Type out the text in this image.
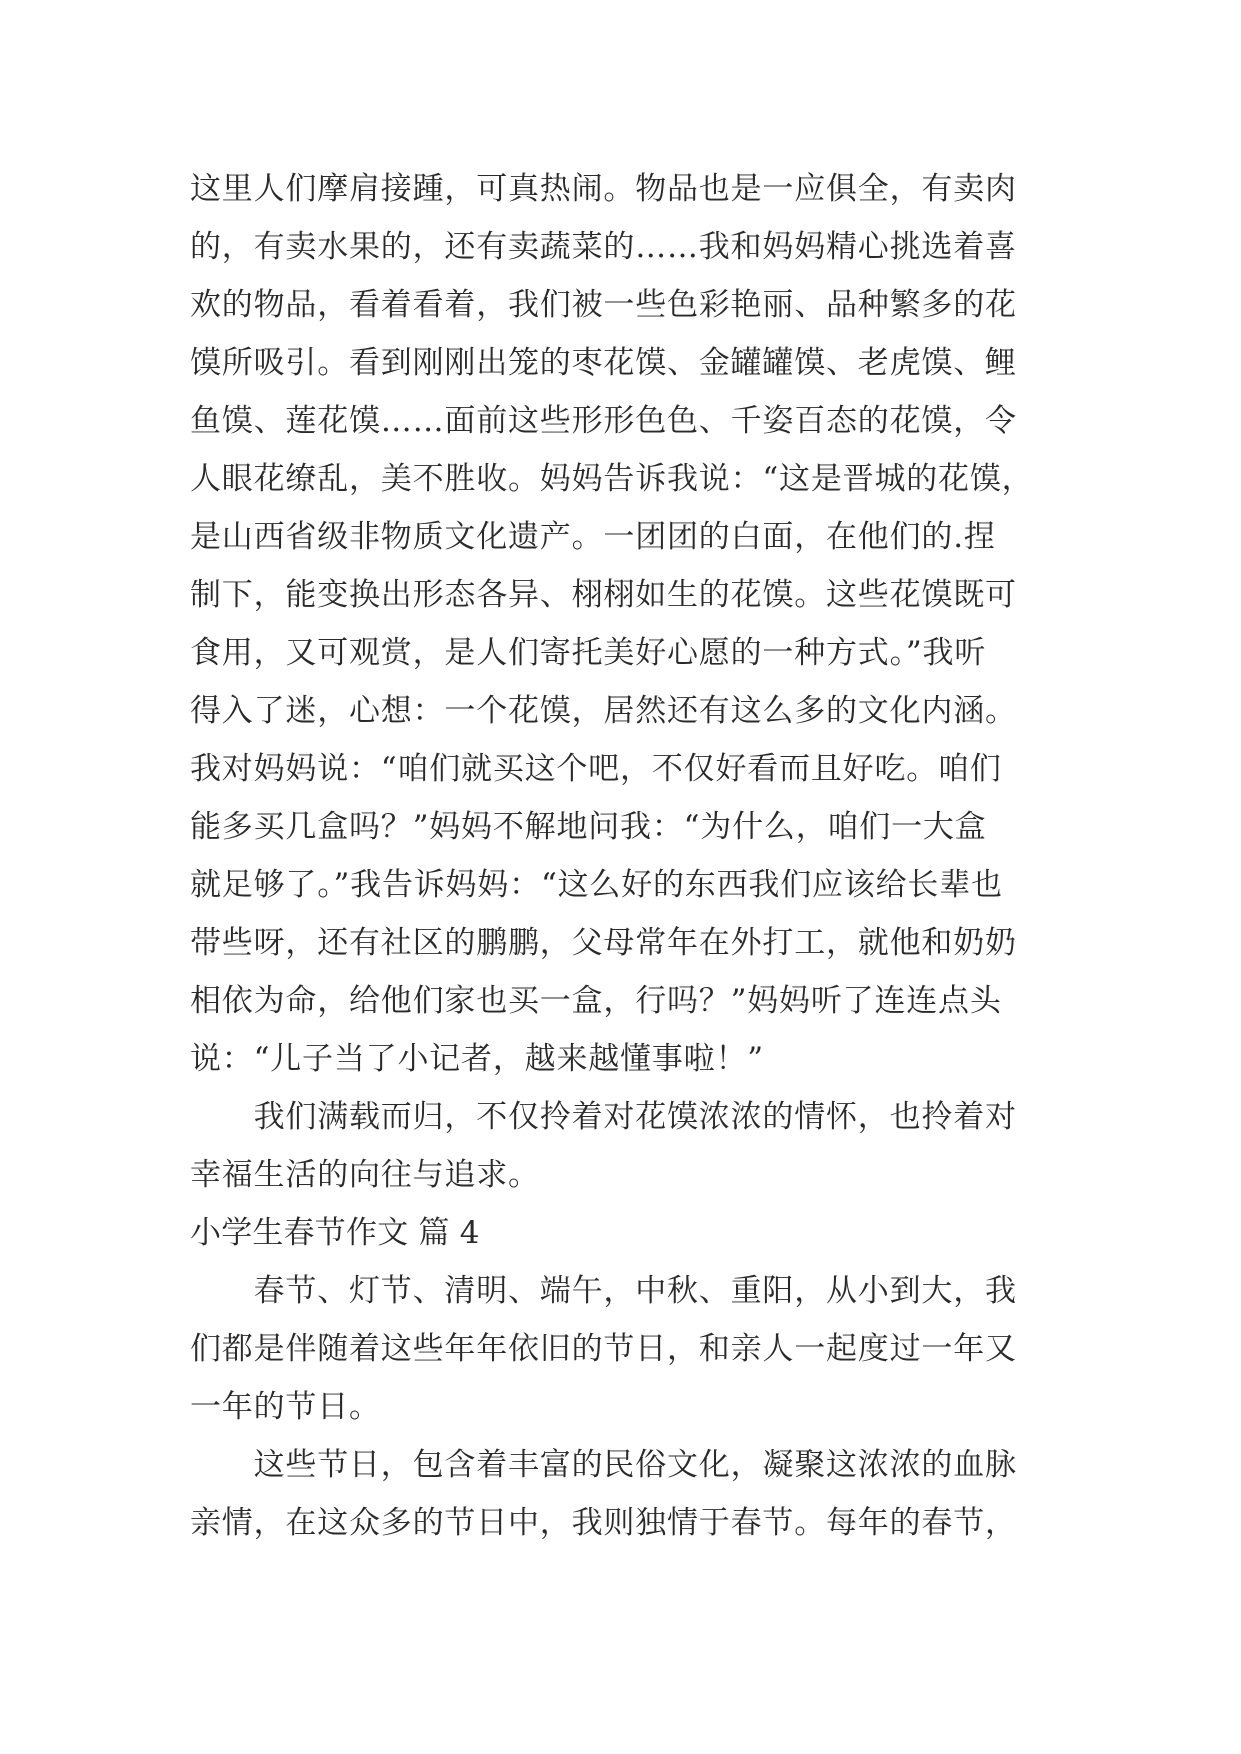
这里人们摩肩接踵，可真热闹。物品也是一应俱全，有卖肉
的，有卖水果的，还有卖蔬菜的……我和妈妈精心挑选着喜
欢的物品，看着看着，我们被一些色彩艳丽、品种繁多的花
馍所吸引。看到刚刚出笼的枣花馍、金罐罐馍、老虎馍、鲤
鱼馍、莲花馍……面前这些形形色色、千姿百态的花馍，令
人眼花缭乱，美不胜收。妈妈告诉我说：“这是晋城的花馍，
是山西省级非物质文化遗产。一团团的白面，在他们的.捏
制下，能变换出形态各异、栩栩如生的花馍。这些花馍既可
食用，又可观赏，是人们寄托美好心愿的一种方式。”我听
得入了迷，心想：一个花馍，居然还有这么多的文化内涵。
我对妈妈说：“咱们就买这个吧，不仅好看而且好吃。咱们
能多买几盒吗？”妈妈不解地问我：“为什么，咱们一大盒
就足够了。”我告诉妈妈：“这么好的东西我们应该给长辈也
带些呀，还有社区的鹏鹏，父母常年在外打工，就他和奶奶
相依为命，给他们家也买一盒，行吗？”妈妈听了连连点头
说：“儿子当了小记者，越来越懂事啦！”
　　我们满载而归，不仅拎着对花馍浓浓的情怀，也拎着对
幸福生活的向往与追求。
小学生春节作文 篇 4
　　春节、灯节、清明、端午，中秋、重阳，从小到大，我
们都是伴随着这些年年依旧的节日，和亲人一起度过一年又
一年的节日。
　　这些节日，包含着丰富的民俗文化，凝聚这浓浓的血脉
亲情，在这众多的节日中，我则独情于春节。每年的春节，
